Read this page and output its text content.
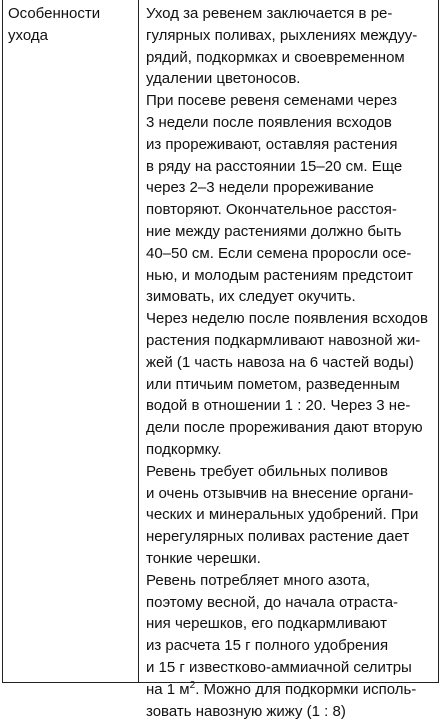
Особенности
ухода
Уход за ревенем заключается в ре-
гулярных поливах, рыхлениях междуу-
рядий, подкормках и своевременном
удалении цветоносов.
При посеве ревеня семенами через
3 недели после появления всходов
из прореживают, оставляя растения
в ряду на расстоянии 15–20 см. Еще
через 2–3 недели прореживание
повторяют. Окончательное расстоя-
ние между растениями должно быть
40–50 см. Если семена проросли осе-
нью, и молодым растениям предстоит
зимовать, их следует окучить.
Через неделю после появления всходов
растения подкармливают навозной жи-
жей (1 часть навоза на 6 частей воды)
или птичьим пометом, разведенным
водой в отношении 1 : 20. Через 3 не-
дели после прореживания дают вторую
подкормку.
Ревень требует обильных поливов
и очень отзывчив на внесение органи-
ческих и минеральных удобрений. При
нерегулярных поливах растение дает
тонкие черешки.
Ревень потребляет много азота,
поэтому весной, до начала отраста-
ния черешков, его подкармливают
из расчета 15 г полного удобрения
и 15 г известково-аммиачной селитры
на 1 $м^2$. Можно для подкормки исполь-
зовать навозную жижу (1 : 8)
